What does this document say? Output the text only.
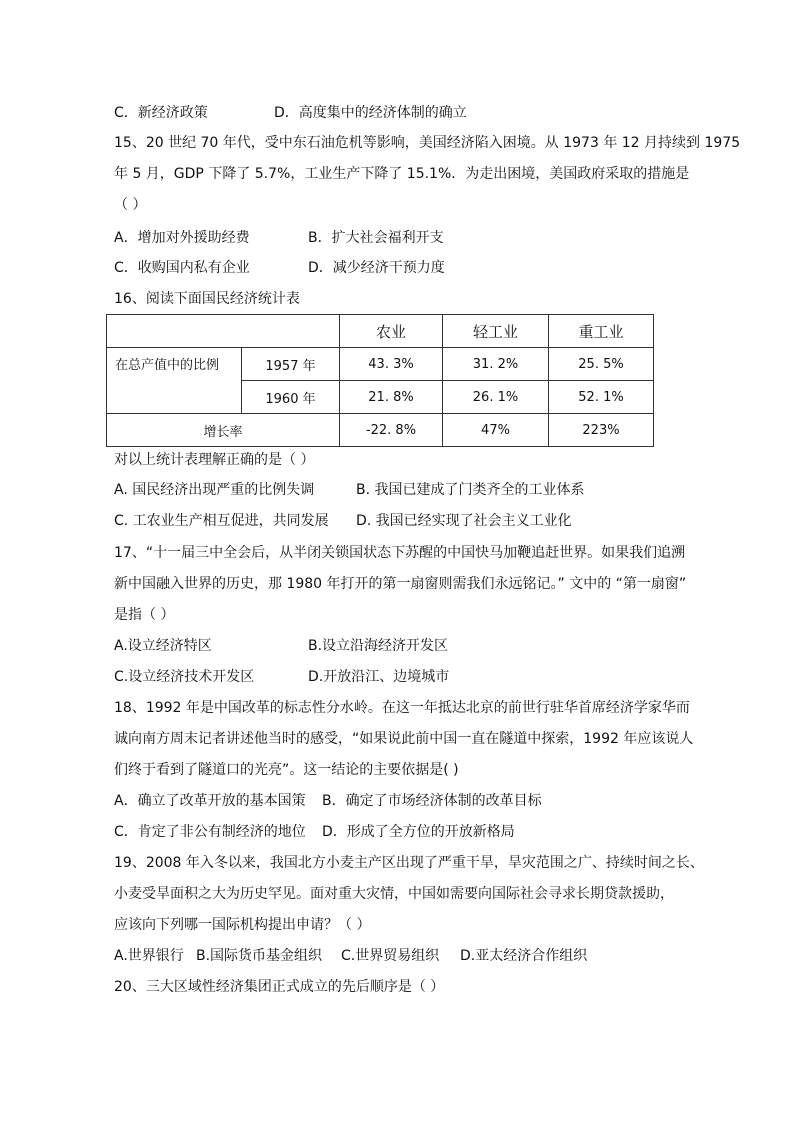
C．新经济政策	D．高度集中的经济体制的确立
15、20 世纪 70 年代，受中东石油危机等影响，美国经济陷入困境。从 1973 年 12 月持续到 1975
年 5 月，GDP 下降了 5.7%，工业生产下降了 15.1%．为走出困境，美国政府采取的措施是
（ ）
A．增加对外援助经费	B．扩大社会福利开支
C．收购国内私有企业	D．减少经济干预力度
16、阅读下面国民经济统计表
		农业	轻工业	重工业
在总产值中的比例	1957 年	43. 3%	31. 2%	25. 5%
	1960 年	21. 8%	26. 1%	52. 1%
增长率		-22. 8%	47%	223%
对以上统计表理解正确的是（ ）
A. 国民经济出现严重的比例失调	B. 我国已建成了门类齐全的工业体系
C. 工农业生产相互促进，共同发展 D. 我国已经实现了社会主义工业化
17、“十一届三中全会后，从半闭关锁国状态下苏醒的中国快马加鞭追赶世界。如果我们追溯
新中国融入世界的历史，那 1980 年打开的第一扇窗则需我们永远铭记。” 文中的 “第一扇窗”
是指（ ）
A.设立经济特区	B.设立沿海经济开发区
C.设立经济技术开发区	D.开放沿江、边境城市
18、1992 年是中国改革的标志性分水岭。在这一年抵达北京的前世行驻华首席经济学家华而
诚向南方周末记者讲述他当时的感受，“如果说此前中国一直在隧道中探索，1992 年应该说人
们终于看到了隧道口的光亮”。这一结论的主要依据是( )
A．确立了改革开放的基本国策 B．确定了市场经济体制的改革目标
C．肯定了非公有制经济的地位 D．形成了全方位的开放新格局
19、2008 年入冬以来，我国北方小麦主产区出现了严重干旱，旱灾范围之广、持续时间之长、
小麦受旱面积之大为历史罕见。面对重大灾情，中国如需要向国际社会寻求长期贷款援助，
应该向下列哪一国际机构提出申请？（ ）
A.世界银行 B.国际货币基金组织 C.世界贸易组织 D.亚太经济合作组织
20、三大区域性经济集团正式成立的先后顺序是（ ）
